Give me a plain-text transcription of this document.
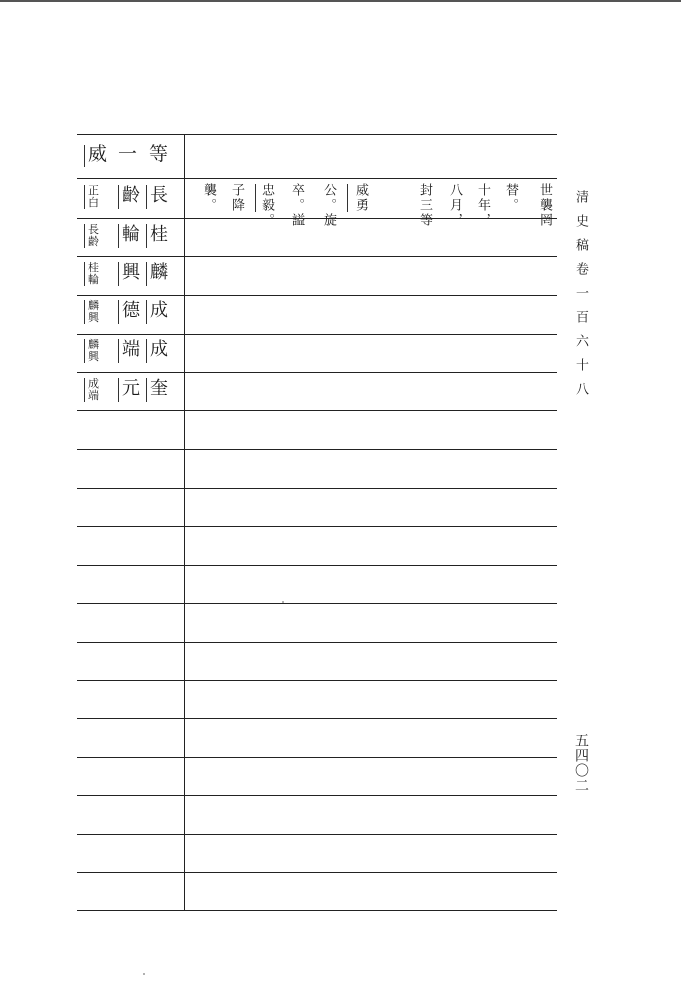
威 一等
正白 齡 長
長齡 輪 桂
桂輪 興 麟
麟興 德 成
麟興 端 成
成端 元 奎
世襲罔
替。
十年，
八月，
封三等
威勇
公。旋
卒。謚
忠毅。
子降
襲。	清史稿卷一百六十八
五四〇二
